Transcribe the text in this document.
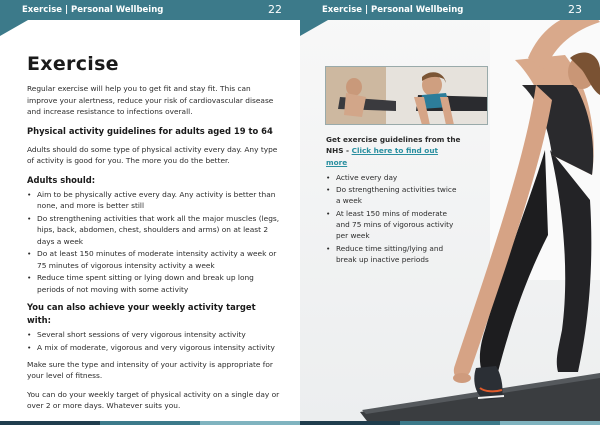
Exercise | Personal Wellbeing	22
Exercise

Regular exercise will help you to get fit and stay fit. This can improve your alertness, reduce your risk of cardiovascular disease and increase resistance to infections overall.

Physical activity guidelines for adults aged 19 to 64

Adults should do some type of physical activity every day. Any type of activity is good for you. The more you do the better.

Adults should:
• Aim to be physically active every day. Any activity is better than none, and more is better still
• Do strengthening activities that work all the major muscles (legs, hips, back, abdomen, chest, shoulders and arms) on at least 2 days a week
• Do at least 150 minutes of moderate intensity activity a week or 75 minutes of vigorous intensity activity a week
• Reduce time spent sitting or lying down and break up long periods of not moving with some activity
You can also achieve your weekly activity target with:
• Several short sessions of very vigorous intensity activity
• A mix of moderate, vigorous and very vigorous intensity activity

Make sure the type and intensity of your activity is appropriate for your level of fitness.

You can do your weekly target of physical activity on a single day or over 2 or more days. Whatever suits you.

Exercise | Personal Wellbeing	23
Get exercise guidelines from the NHS - Click here to find out more
• Active every day
• Do strengthening activities twice a week
• At least 150 mins of moderate and 75 mins of vigorous activity per week
• Reduce time sitting/lying and break up inactive periods
